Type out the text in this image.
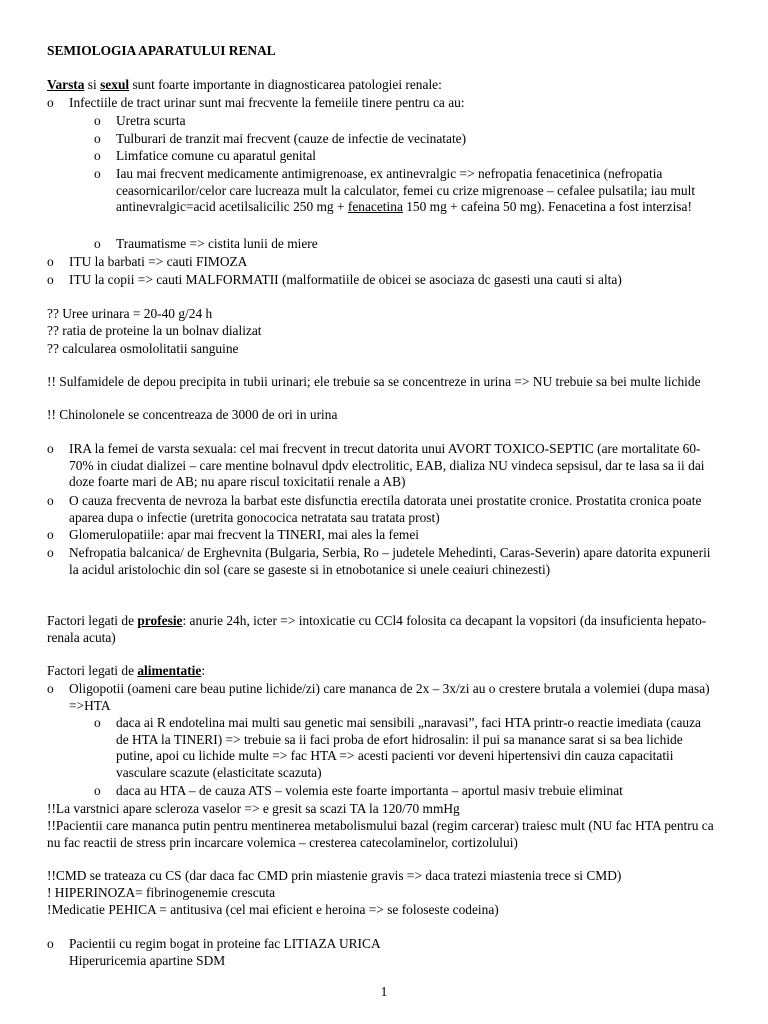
SEMIOLOGIA APARATULUI RENAL

Varsta si sexul sunt foarte importante in diagnosticarea patologiei renale:

o	Infectiile de tract urinar sunt mai frecvente la femeiile tinere pentru ca au:

o	Uretra scurta

o	Tulburari de tranzit mai frecvent (cauze de infectie de vecinatate)

o	Limfatice comune cu aparatul genital

o	Iau mai frecvent medicamente antimigrenoase, ex antinevralgic => nefropatia fenacetinica (nefropatia ceasornicarilor/celor care lucreaza mult la calculator, femei cu crize migrenoase – cefalee pulsatila; iau mult antinevralgic=acid acetilsalicilic 250 mg + fenacetina 150 mg + cafeina 50 mg). Fenacetina a fost interzisa!

o	Traumatisme => cistita lunii de miere

o	ITU la barbati => cauti FIMOZA

o	ITU la copii => cauti MALFORMATII (malformatiile de obicei se asociaza dc gasesti una cauti si alta)

?? Uree urinara = 20-40 g/24 h

?? ratia de proteine la un bolnav dializat

?? calcularea osmololitatii sanguine

!! Sulfamidele de depou precipita in tubii urinari; ele trebuie sa se concentreze in urina => NU trebuie sa bei multe lichide

!! Chinolonele se concentreaza de 3000 de ori in urina

o	IRA la femei de varsta sexuala: cel mai frecvent in trecut datorita unui AVORT TOXICO-SEPTIC (are mortalitate 60-70% in ciudat dializei – care mentine bolnavul dpdv electrolitic, EAB, dializa NU vindeca sepsisul, dar te lasa sa ii dai doze foarte mari de AB; nu apare riscul toxicitatii renale a AB)

o	O cauza frecventa de nevroza la barbat este disfunctia erectila datorata unei prostatite cronice. Prostatita cronica poate aparea dupa o infectie (uretrita gonococica netratata sau tratata prost)

o	Glomerulopatiile: apar mai frecvent la TINERI, mai ales la femei

o	Nefropatia balcanica/ de Erghevnita (Bulgaria, Serbia, Ro – judetele Mehedinti, Caras-Severin) apare datorita expunerii la acidul aristolochic din sol (care se gaseste si in etnobotanice si unele ceaiuri chinezesti)

Factori legati de profesie: anurie 24h, icter => intoxicatie cu CCl4 folosita ca decapant la vopsitori (da insuficienta hepato-renala acuta)

Factori legati de alimentatie:

o	Oligopotii (oameni care beau putine lichide/zi) care mananca de 2x – 3x/zi au o crestere brutala a volemiei (dupa masa) =>HTA

o	daca ai R endotelina mai multi sau genetic mai sensibili „naravasi”, faci HTA printr-o reactie imediata (cauza de HTA la TINERI) => trebuie sa ii faci proba de efort hidrosalin: il pui sa manance sarat si sa bea lichide putine, apoi cu lichide multe => fac HTA => acesti pacienti vor deveni hipertensivi din cauza capacitatii vasculare scazute (elasticitate scazuta)

o	daca au HTA – de cauza ATS – volemia este foarte importanta – aportul masiv trebuie eliminat

!!La varstnici apare scleroza vaselor => e gresit sa scazi TA la 120/70 mmHg

!!Pacientii care mananca putin pentru mentinerea metabolismului bazal (regim carcerar) traiesc mult (NU fac HTA pentru ca nu fac reactii de stress prin incarcare volemica – cresterea catecolaminelor, cortizolului)

!!CMD se trateaza cu CS (dar daca fac CMD prin miastenie gravis => daca tratezi miastenia trece si CMD)

! HIPERINOZA= fibrinogenemie crescuta

!Medicatie PEHICA = antitusiva (cel mai eficient e heroina => se foloseste codeina)

o	Pacientii cu regim bogat in proteine fac LITIAZA URICA

Hiperuricemia apartine SDM

1
